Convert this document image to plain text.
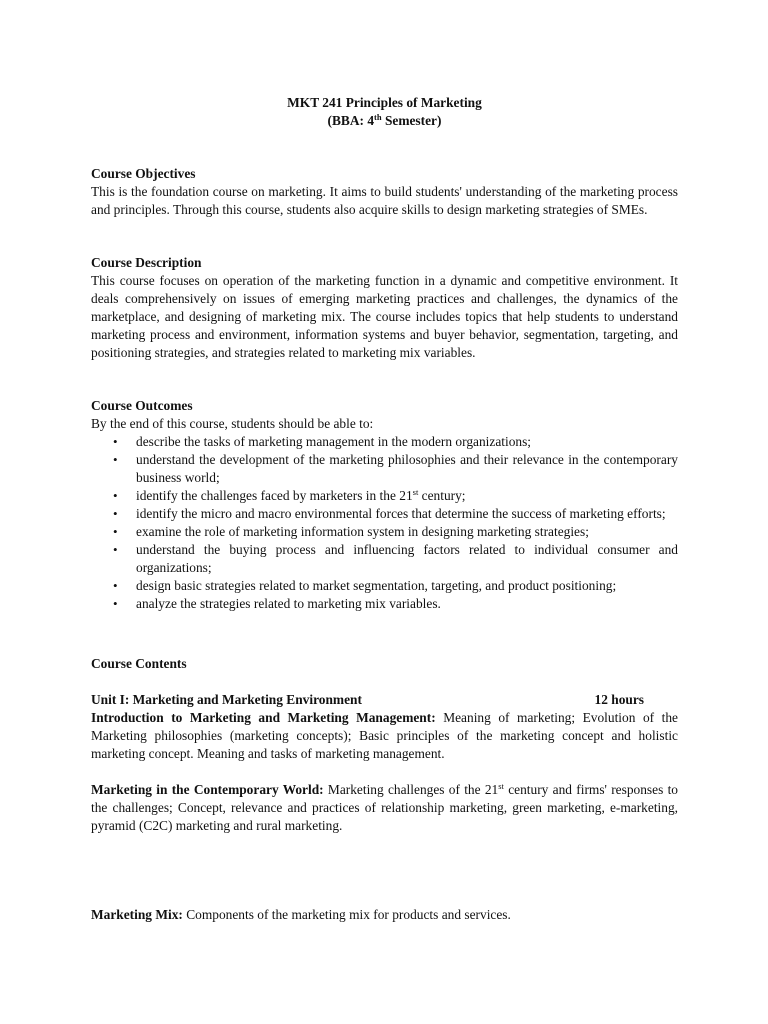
MKT 241 Principles of Marketing
(BBA: 4th Semester)
Course Objectives

This is the foundation course on marketing. It aims to build students' understanding of the marketing process and principles. Through this course, students also acquire skills to design marketing strategies of SMEs.

Course Description

This course focuses on operation of the marketing function in a dynamic and competitive environment. It deals comprehensively on issues of emerging marketing practices and challenges, the dynamics of the marketplace, and designing of marketing mix. The course includes topics that help students to understand marketing process and environment, information systems and buyer behavior, segmentation, targeting, and positioning strategies, and strategies related to marketing mix variables.

Course Outcomes

By the end of this course, students should be able to:

• describe the tasks of marketing management in the modern organizations;
• understand the development of the marketing philosophies and their relevance in the contemporary business world;
• identify the challenges faced by marketers in the 21st century;
• identify the micro and macro environmental forces that determine the success of marketing efforts;
• examine the role of marketing information system in designing marketing strategies;
• understand the buying process and influencing factors related to individual consumer and organizations;
• design basic strategies related to market segmentation, targeting, and product positioning;
• analyze the strategies related to marketing mix variables.
Course Contents
Unit I: Marketing and Marketing Environment	12 hours

Introduction to Marketing and Marketing Management: Meaning of marketing; Evolution of the Marketing philosophies (marketing concepts); Basic principles of the marketing concept and holistic marketing concept. Meaning and tasks of marketing management.

Marketing in the Contemporary World: Marketing challenges of the 21st century and firms' responses to the challenges; Concept, relevance and practices of relationship marketing, green marketing, e-marketing, pyramid (C2C) marketing and rural marketing.

Marketing Mix: Components of the marketing mix for products and services.
